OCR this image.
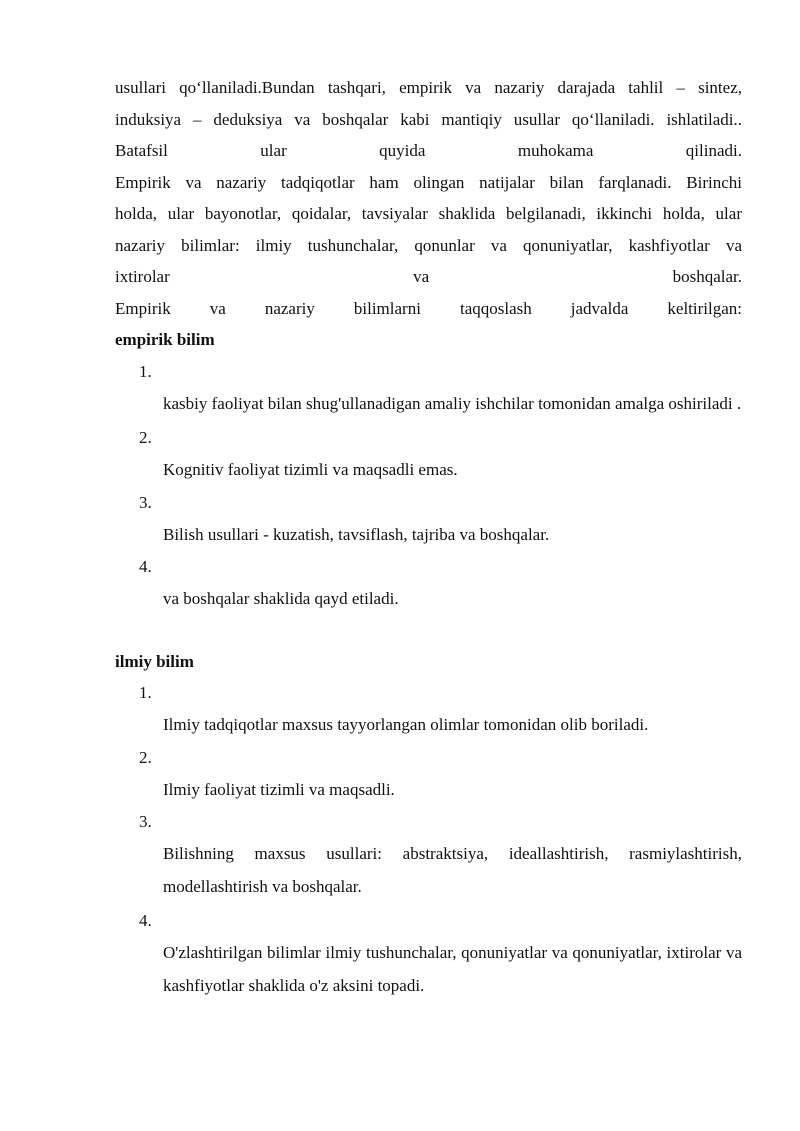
usullari qo‘llaniladi.Bundan tashqari, empirik va nazariy darajada tahlil – sintez,
induksiya – deduksiya va boshqalar kabi mantiqiy usullar qo‘llaniladi. ishlatiladi..
Batafsil ular quyida muhokama qilinadi.
Empirik va nazariy tadqiqotlar ham olingan natijalar bilan farqlanadi. Birinchi
holda, ular bayonotlar, qoidalar, tavsiyalar shaklida belgilanadi, ikkinchi holda, ular
nazariy bilimlar: ilmiy tushunchalar, qonunlar va qonuniyatlar, kashfiyotlar va
ixtirolar va boshqalar.
Empirik va nazariy bilimlarni taqqoslash jadvalda keltirilgan:
empirik bilim
1.
kasbiy faoliyat bilan shug'ullanadigan amaliy ishchilar tomonidan amalga oshiriladi .
2.
Kognitiv faoliyat tizimli va maqsadli emas.
3.
Bilish usullari - kuzatish, tavsiflash, tajriba va boshqalar.
4.
va boshqalar shaklida qayd etiladi.
ilmiy bilim
1.
Ilmiy tadqiqotlar maxsus tayyorlangan olimlar tomonidan olib boriladi.
2.
Ilmiy faoliyat tizimli va maqsadli.
3.
Bilishning maxsus usullari: abstraktsiya, ideallashtirish, rasmiylashtirish, modellashtirish va boshqalar.
4.
O'zlashtirilgan bilimlar ilmiy tushunchalar, qonuniyatlar va qonuniyatlar, ixtirolar va kashfiyotlar shaklida o'z aksini topadi.
